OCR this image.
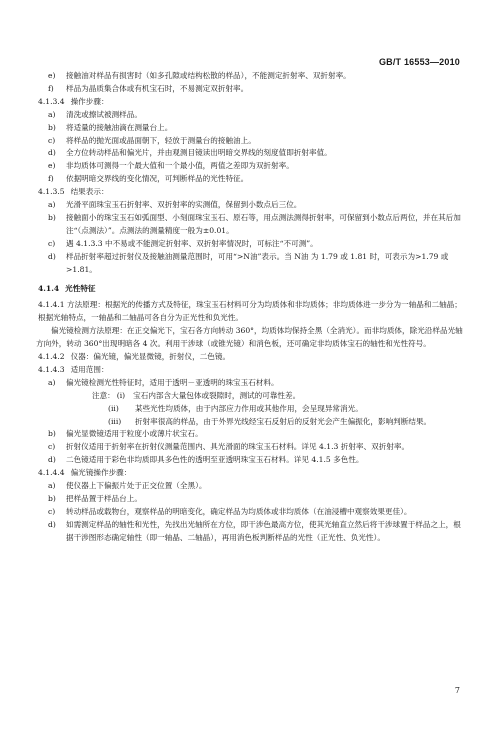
GB/T 16553—2010
e) 接触油对样品有损害时（如多孔隙或结构松散的样品），不能测定折射率、双折射率。
f) 样品为晶质集合体或有机宝石时，不易测定双折射率。
4.1.3.4 操作步骤：
a) 清洗或擦试被测样品。
b) 将适量的接触油滴在测量台上。
c) 将样品的抛光面或晶面朝下，轻放于测量台的接触油上。
d) 全方位转动样品和偏光片，并由观测目镜读出明暗交界线的刻度值即折射率值。
e) 非均质体可测得一个最大值和一个最小值，两值之差即为双折射率。
f) 依据明暗交界线的变化情况，可判断样品的光性特征。
4.1.3.5 结果表示：
a) 光滑平面珠宝玉石折射率、双折射率的实测值，保留到小数点后三位。
b) 接触面小的珠宝玉石如弧面型、小刻面珠宝玉石、原石等，用点测法测得折射率，可保留到小数点后两位，并在其后加注“（点测法）”。点测法的测量精度一般为±0.01。
c) 遇 4.1.3.3 中不易或不能测定折射率、双折射率情况时，可标注“不可测”。
d) 样品折射率超过折射仪及接触油测量范围时，可用“>N油”表示。当 N油 为 1.79 或 1.81 时，可表示为>1.79 或>1.81。
4.1.4 光性特征
4.1.4.1 方法原理：根据光的传播方式及特征，珠宝玉石材料可分为均质体和非均质体；非均质体进一步分为一轴晶和二轴晶；根据光轴特点，一轴晶和二轴晶可各自分为正光性和负光性。
偏光镜检测方法原理：在正交偏光下，宝石各方向转动 360°，均质体均保持全黑（全消光）。而非均质体，除光沿样品光轴方向外，转动 360°出现明暗各 4 次。利用干涉球（或锥光镜）和消色板，还可确定非均质体宝石的轴性和光性符号。
4.1.4.2 仪器：偏光镜，偏光显微镜，折射仪，二色镜。
4.1.4.3 适用范围：
a) 偏光镜检测光性特征时，适用于透明－亚透明的珠宝玉石材料。
注意： (i) 宝石内部含大量包体或裂隙时，测试的可靠性差。
(ii) 某些光性均质体，由于内部应力作用或其他作用，会呈现异常消光。
(iii) 折射率很高的样品，由于外界光线经宝石反射后的反射光会产生偏振化，影响判断结果。
b) 偏光显微镜适用于粒度小或薄片状宝石。
c) 折射仪适用于折射率在折射仪测量范围内、具光滑面的珠宝玉石材料。详见 4.1.3 折射率、双折射率。
d) 二色镜适用于彩色非均质即具多色性的透明至亚透明珠宝玉石材料。详见 4.1.5 多色性。
4.1.4.4 偏光镜操作步骤：
a) 使仪器上下偏振片处于正交位置（全黑）。
b) 把样品置于样品台上。
c) 转动样品或载物台，观察样品的明暗变化，确定样品为均质体或非均质体（在油浸槽中观察效果更佳）。
d) 如需测定样品的轴性和光性，先找出光轴所在方位，即干涉色最高方位，使其光轴直立然后将干涉球置于样品之上，根据干涉图形态确定轴性（即一轴晶、二轴晶），再用消色板判断样品的光性（正光性、负光性）。
7
